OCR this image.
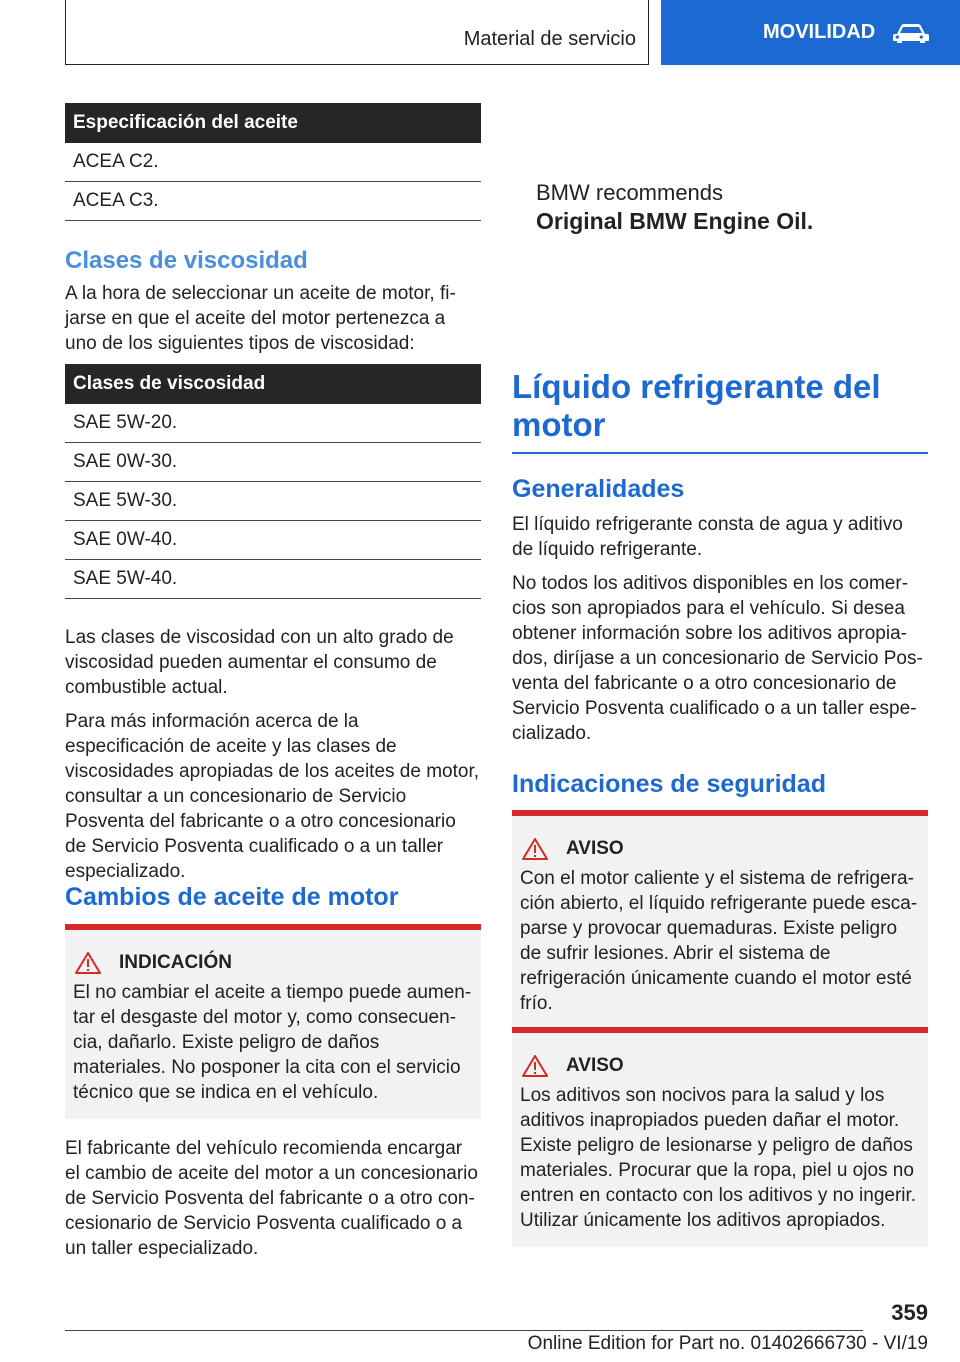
Material de servicio	MOVILIDAD
Especificación del aceite
ACEA C2.
ACEA C3.
Clases de viscosidad

A la hora de seleccionar un aceite de motor, fijarse en que el aceite del motor pertenezca a uno de los siguientes tipos de viscosidad:

Clases de viscosidad
SAE 5W-20.
SAE 0W-30.
SAE 5W-30.
SAE 0W-40.
SAE 5W-40.

Las clases de viscosidad con un alto grado de viscosidad pueden aumentar el consumo de combustible actual.

Para más información acerca de la especificación de aceite y las clases de viscosidades apropiadas de los aceites de motor, consultar a un concesionario de Servicio Posventa del fabricante o a otro concesionario de Servicio Posventa cualificado o a un taller especializado.

Cambios de aceite de motor
INDICACIÓN
El no cambiar el aceite a tiempo puede aumentar el desgaste del motor y, como consecuencia, dañarlo. Existe peligro de daños materiales. No posponer la cita con el servicio técnico que se indica en el vehículo.

El fabricante del vehículo recomienda encargar el cambio de aceite del motor a un concesionario de Servicio Posventa del fabricante o a otro concesionario de Servicio Posventa cualificado o a un taller especializado.

BMW recommends
Original BMW Engine Oil.
Líquido refrigerante del motor
Generalidades

El líquido refrigerante consta de agua y aditivo de líquido refrigerante.

No todos los aditivos disponibles en los comercios son apropiados para el vehículo. Si desea obtener información sobre los aditivos apropiados, diríjase a un concesionario de Servicio Posventa del fabricante o a otro concesionario de Servicio Posventa cualificado o a un taller especializado.

Indicaciones de seguridad
AVISO
Con el motor caliente y el sistema de refrigeración abierto, el líquido refrigerante puede escaparse y provocar quemaduras. Existe peligro de sufrir lesiones. Abrir el sistema de refrigeración únicamente cuando el motor esté frío.
AVISO
Los aditivos son nocivos para la salud y los aditivos inapropiados pueden dañar el motor. Existe peligro de lesionarse y peligro de daños materiales. Procurar que la ropa, piel u ojos no entren en contacto con los aditivos y no ingerir. Utilizar únicamente los aditivos apropiados.
359
Online Edition for Part no. 01402666730 - VI/19
